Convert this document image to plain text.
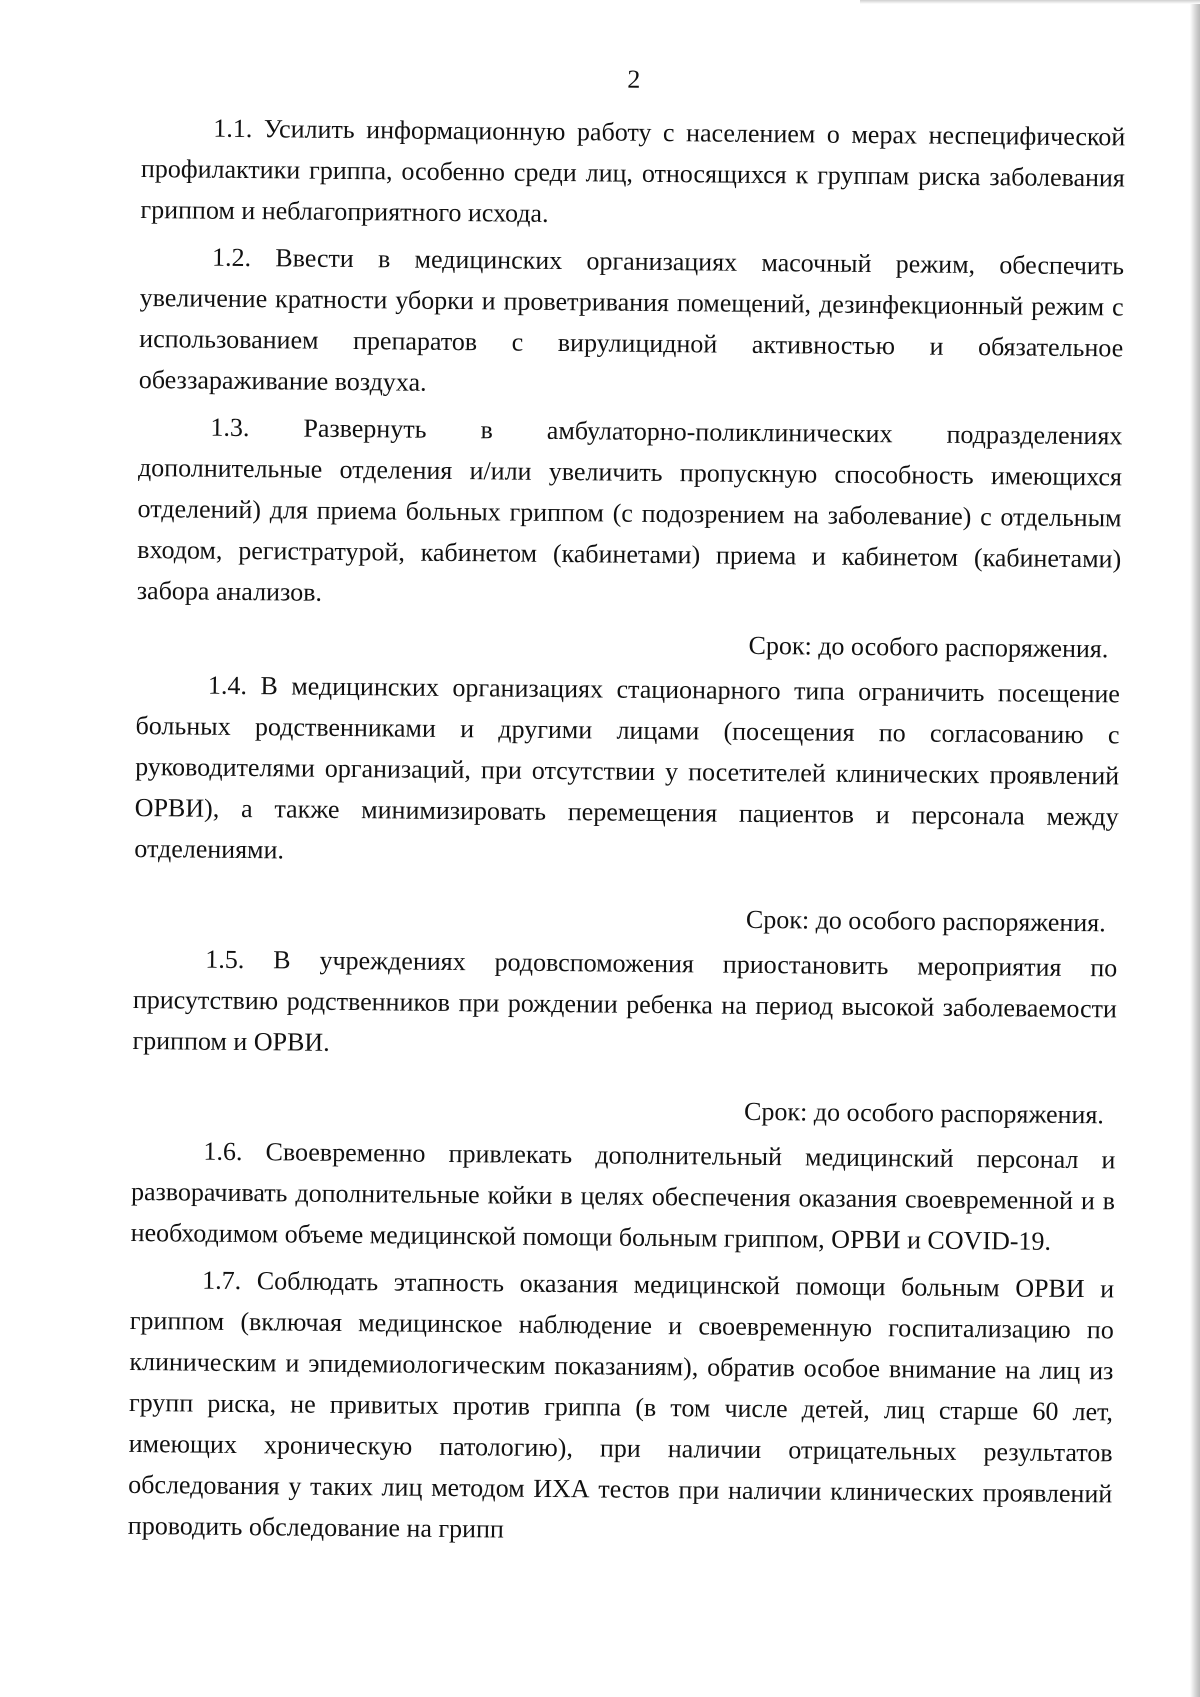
2

1.1. Усилить информационную работу с населением о мерах неспецифической профилактики гриппа, особенно среди лиц, относящихся к группам риска заболевания гриппом и неблагоприятного исхода.

1.2. Ввести в медицинских организациях масочный режим, обеспечить увеличение кратности уборки и проветривания помещений, дезинфекционный режим с использованием препаратов с вирулицидной активностью и обязательное обеззараживание воздуха.

1.3. Развернуть в амбулаторно-поликлинических подразделениях дополнительные отделения и/или увеличить пропускную способность имеющихся отделений) для приема больных гриппом (с подозрением на заболевание) с отдельным входом, регистратурой, кабинетом (кабинетами) приема и кабинетом (кабинетами) забора анализов.

Срок: до особого распоряжения.

1.4. В медицинских организациях стационарного типа ограничить посещение больных родственниками и другими лицами (посещения по согласованию с руководителями организаций, при отсутствии у посетителей клинических проявлений ОРВИ), а также минимизировать перемещения пациентов и персонала между отделениями.

Срок: до особого распоряжения.

1.5. В учреждениях родовспоможения приостановить мероприятия по присутствию родственников при рождении ребенка на период высокой заболеваемости гриппом и ОРВИ.

Срок: до особого распоряжения.

1.6. Своевременно привлекать дополнительный медицинский персонал и разворачивать дополнительные койки в целях обеспечения оказания своевременной и в необходимом объеме медицинской помощи больным гриппом, ОРВИ и COVID-19.

1.7. Соблюдать этапность оказания медицинской помощи больным ОРВИ и гриппом (включая медицинское наблюдение и своевременную госпитализацию по клиническим и эпидемиологическим показаниям), обратив особое внимание на лиц из групп риска, не привитых против гриппа (в том числе детей, лиц старше 60 лет, имеющих хроническую патологию), при наличии отрицательных результатов обследования у таких лиц методом ИХА тестов при наличии клинических проявлений проводить обследование на грипп
